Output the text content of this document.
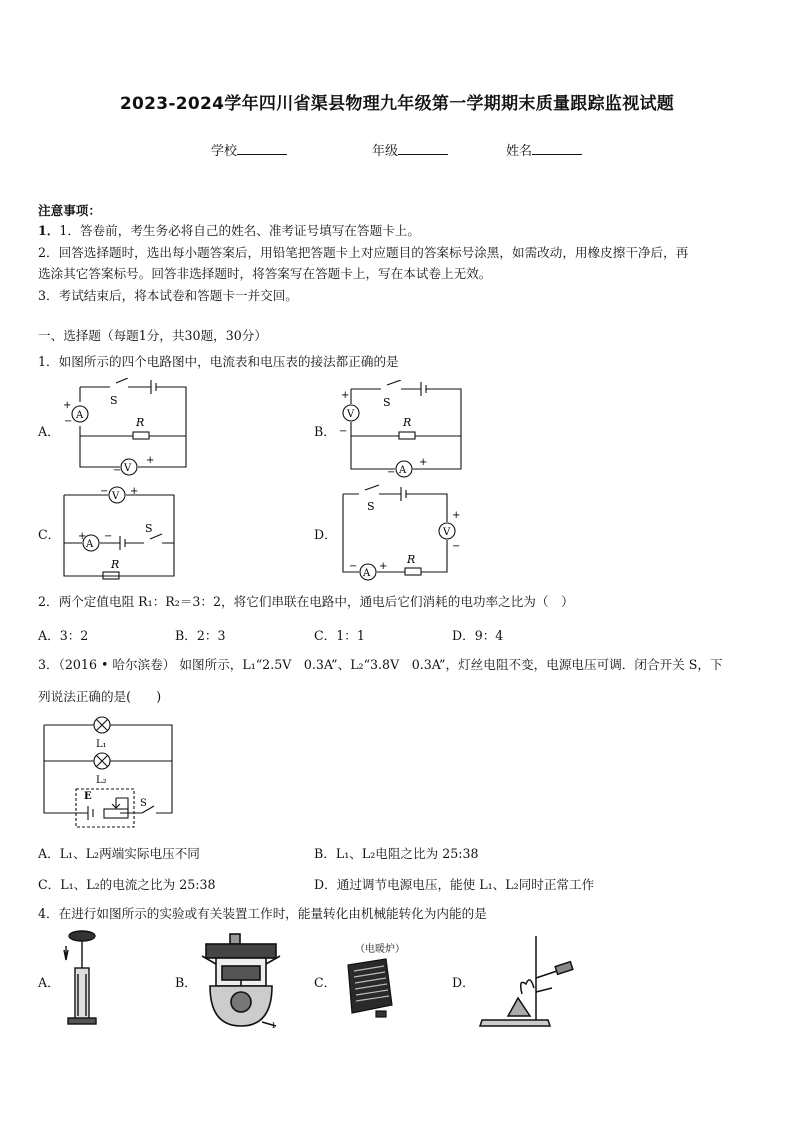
2023-2024学年四川省渠县物理九年级第一学期期末质量跟踪监视试题
学校	年级	姓名
注意事项：
1．1．答卷前，考生务必将自己的姓名、准考证号填写在答题卡上。
2．回答选择题时，选出每小题答案后，用铅笔把答题卡上对应题目的答案标号涂黑，如需改动，用橡皮擦干净后，再
选涂其它答案标号。回答非选择题时，将答案写在答题卡上，写在本试卷上无效。
3．考试结束后，将本试卷和答题卡一并交回。
一、选择题（每题1分，共30题，30分）
1．如图所示的四个电路图中，电流表和电压表的接法都正确的是
A．	B．
C．	D．
A
V
+
−
−
+
S
R
V
A
+
−
−
+
S
R
V
A
− +
+ −
S
R
V
A
+
−
− +
S
R
2．两个定值电阻 R₁：R₂＝3：2，将它们串联在电路中，通电后它们消耗的电功率之比为（　）
A．3：2	B．2：3	C．1：1	D．9：4
3．（2016 • 哈尔滨卷） 如图所示，L₁“2.5V　0.3A”、L₂“3.8V　0.3A”，灯丝电阻不变，电源电压可调．闭合开关 S，下
列说法正确的是(　　)
L₁
L₂
E
S
A．L₁、L₂两端实际电压不同	B．L₁、L₂电阻之比为 25:38
C．L₁、L₂的电流之比为 25:38	D．通过调节电源电压，能使 L₁、L₂同时正常工作
4．在进行如图所示的实验或有关装置工作时，能量转化由机械能转化为内能的是
A．	B．	C．	D．
ı
（电暖炉）
